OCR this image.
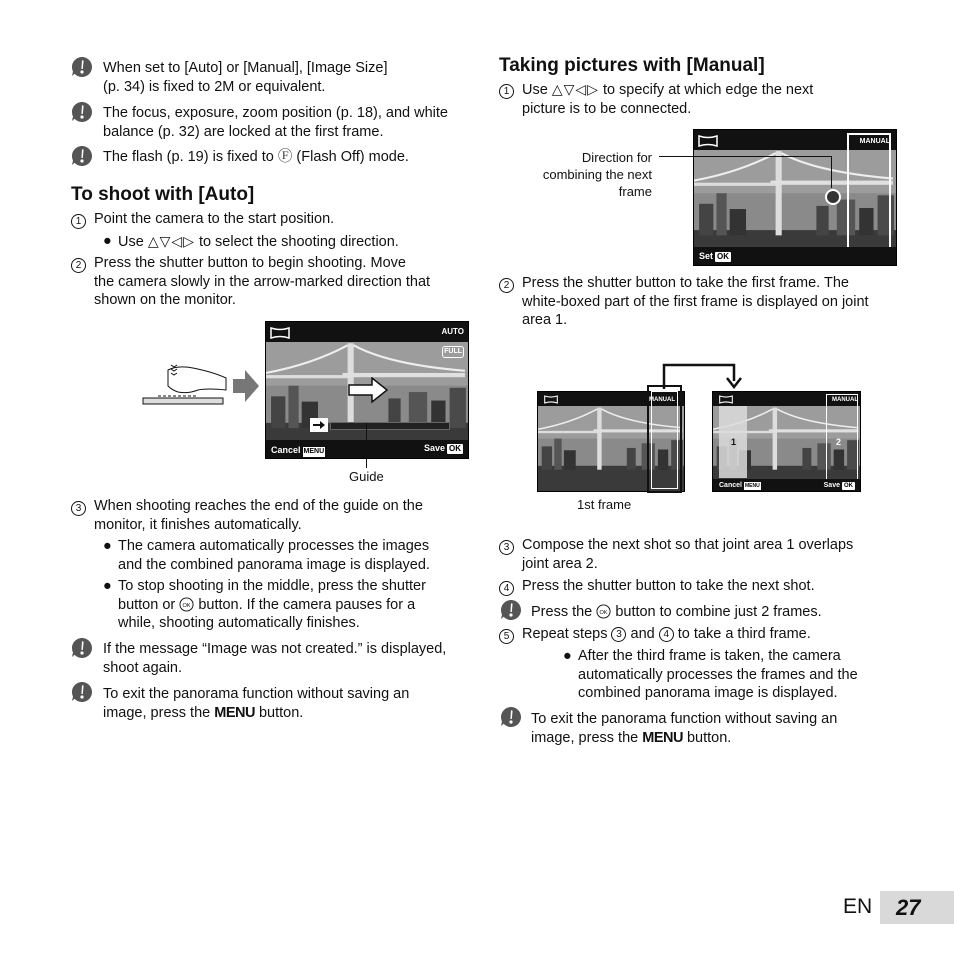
When set to [Auto] or [Manual], [Image Size]
(p. 34) is fixed to 2M or equivalent.
The focus, exposure, zoom position (p. 18), and white
balance (p. 32) are locked at the first frame.
The flash (p. 19) is fixed to Ⓕ (Flash Off) mode.
To shoot with [Auto]
1 Point the camera to the start position.
● Use △▽◁▷ to select the shooting direction.
2 Press the shutter button to begin shooting. Move
the camera slowly in the arrow-marked direction that
shown on the monitor.
AUTO
FULL
Cancel MENU	Save OK
Guide
3 When shooting reaches the end of the guide on the
monitor, it finishes automatically.
● The camera automatically processes the images
and the combined panorama image is displayed.
● To stop shooting in the middle, press the shutter
button or button. If the camera pauses for a
while, shooting automatically finishes.
If the message “Image was not created.” is displayed,
shoot again.
To exit the panorama function without saving an
image, press the MENU button.
Taking pictures with [Manual]
1 Use △▽◁▷ to specify at which edge the next
picture is to be connected.
Direction for
combining the next
frame
MANUAL
Set OK
2 Press the shutter button to take the first frame. The
white-boxed part of the first frame is displayed on joint
area 1.
MANUAL	MANUAL
1	2
Cancel MENU	Save OK
1st frame
3 Compose the next shot so that joint area 1 overlaps
joint area 2.
4 Press the shutter button to take the next shot.
Press the button to combine just 2 frames.
5 Repeat steps 3 and 4 to take a third frame.
● After the third frame is taken, the camera
automatically processes the frames and the
combined panorama image is displayed.
To exit the panorama function without saving an
image, press the MENU button.
EN 27
